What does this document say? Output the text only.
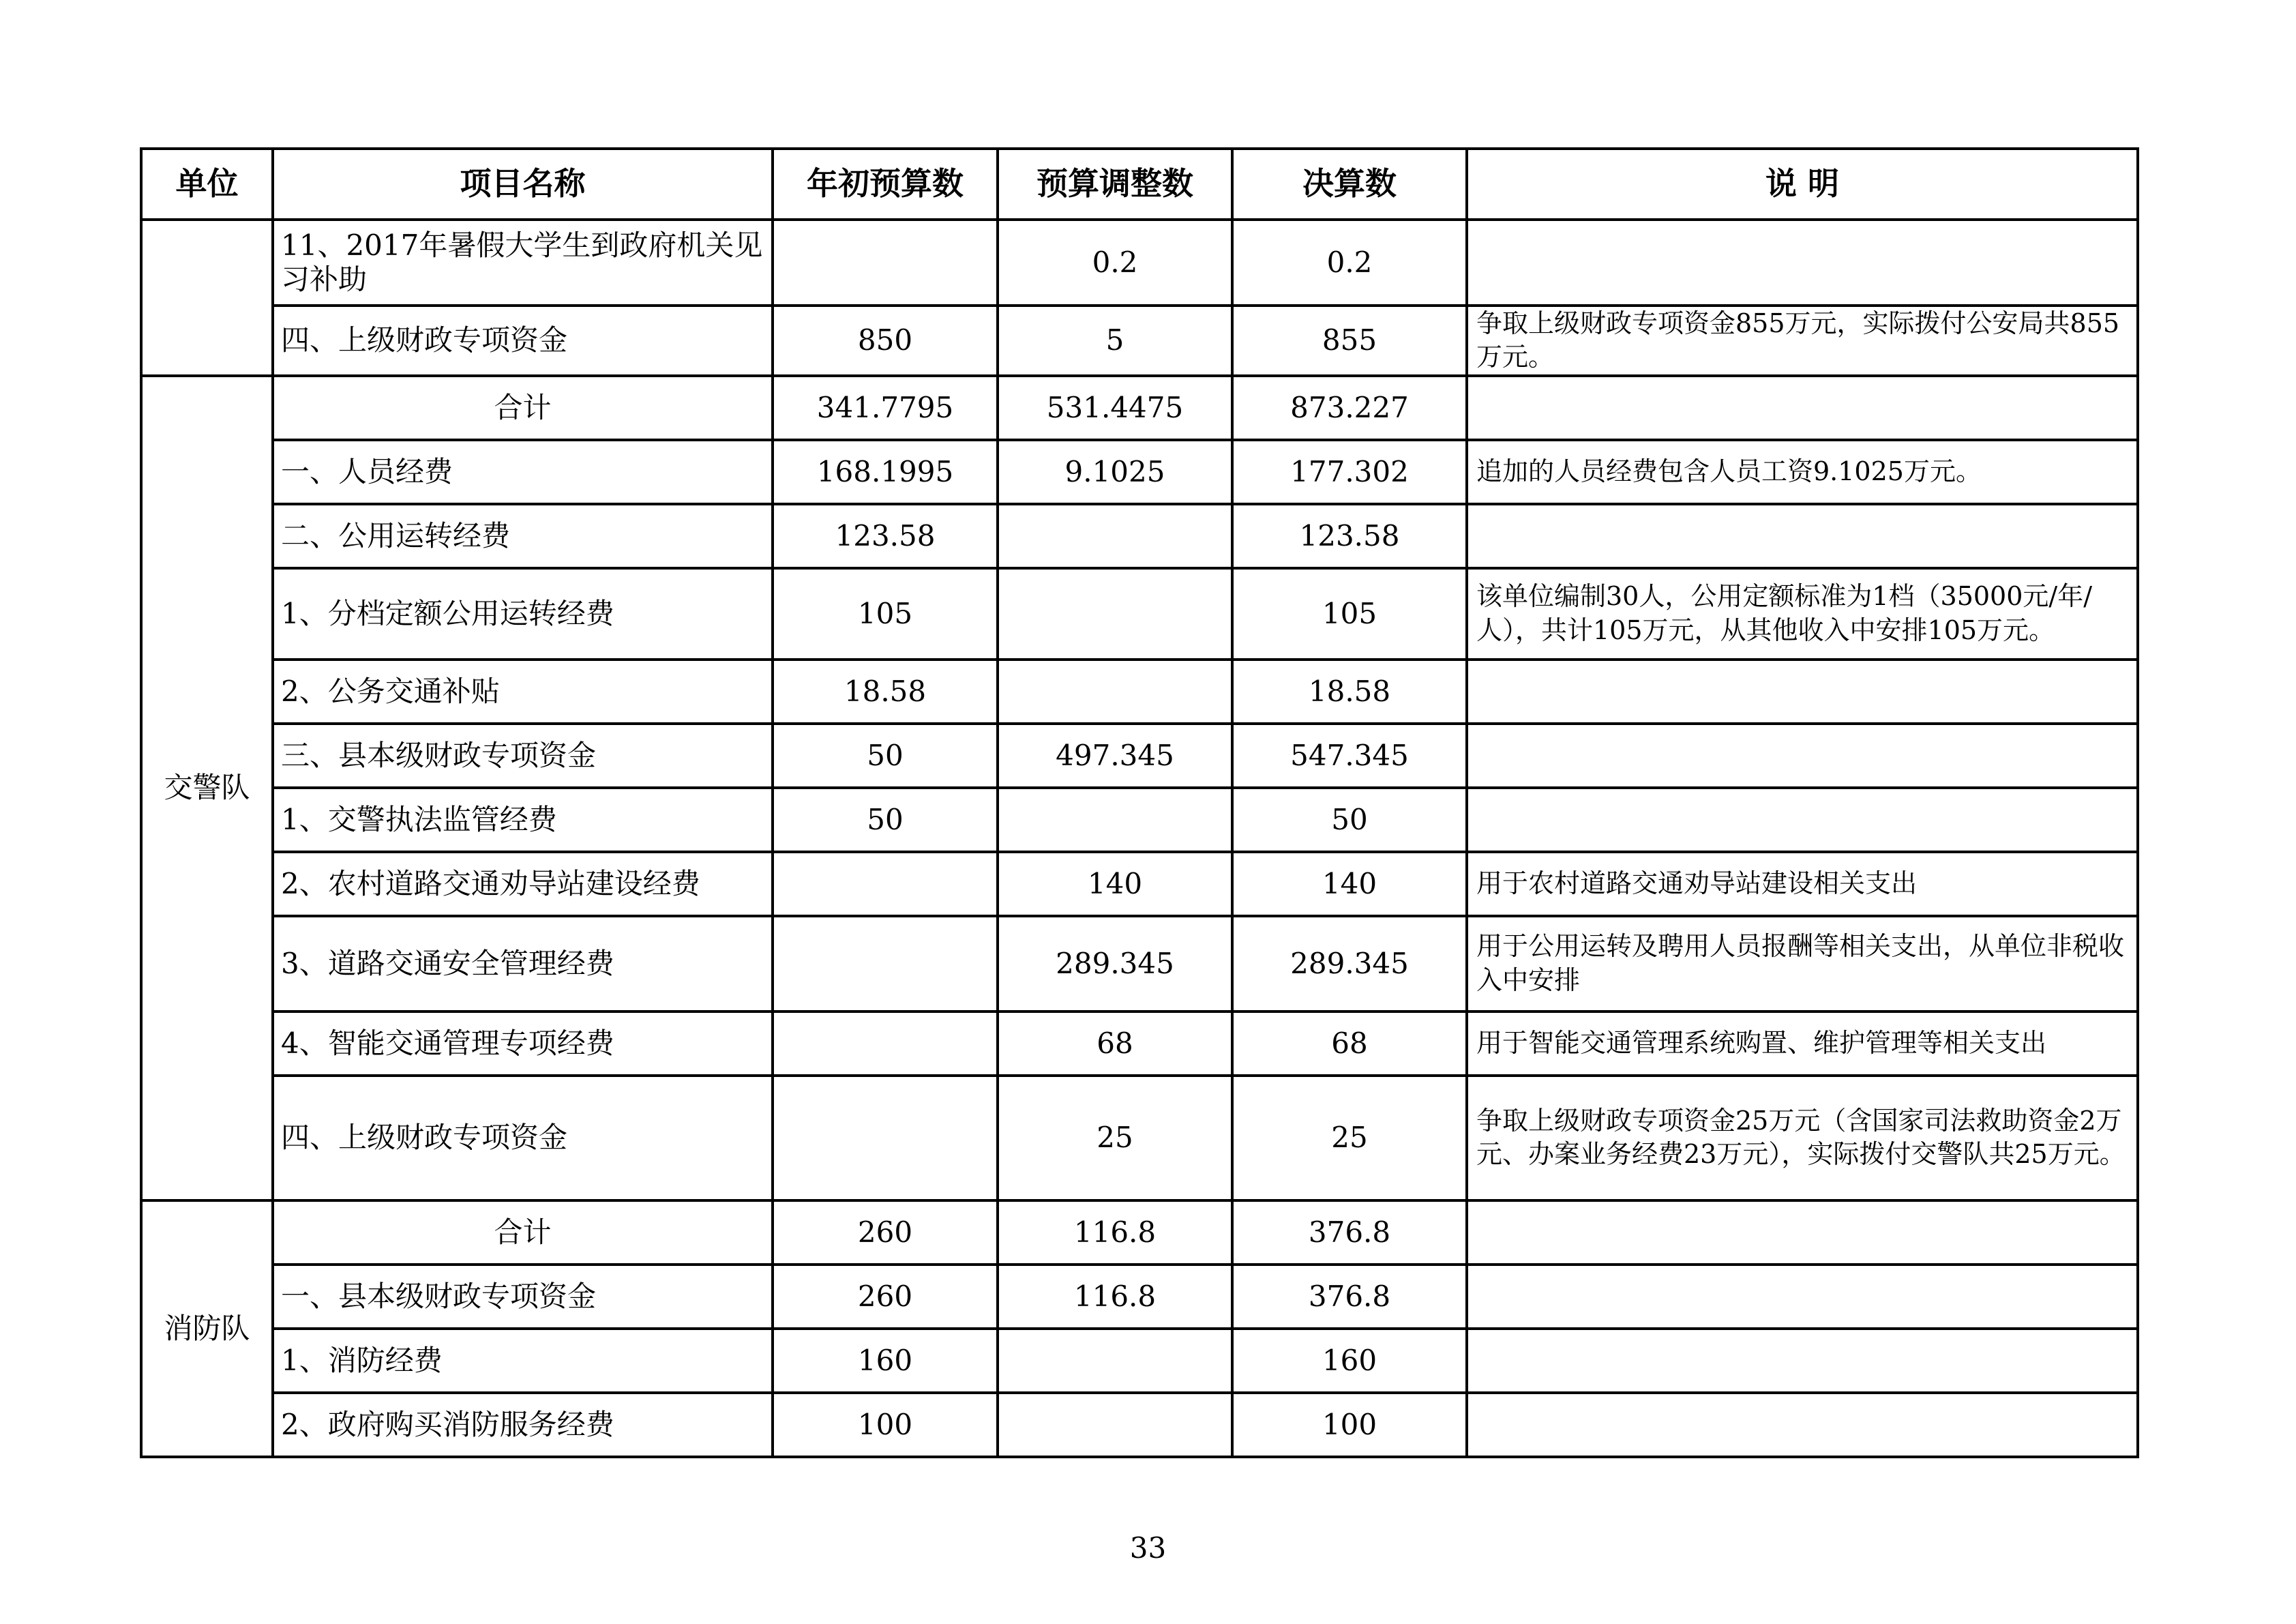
单位	项目名称	年初预算数	预算调整数	决算数	说 明
	11、2017年暑假大学生到政府机关见习补助		0.2	0.2	
	四、上级财政专项资金	850	5	855	争取上级财政专项资金855万元，实际拨付公安局共855万元。
交警队	合计	341.7795	531.4475	873.227	
	一、人员经费	168.1995	9.1025	177.302	追加的人员经费包含人员工资9.1025万元。
	二、公用运转经费	123.58		123.58	
	1、分档定额公用运转经费	105		105	该单位编制30人，公用定额标准为1档（35000元/年/人），共计105万元，从其他收入中安排105万元。
	2、公务交通补贴	18.58		18.58	
	三、县本级财政专项资金	50	497.345	547.345	
	1、交警执法监管经费	50		50	
	2、农村道路交通劝导站建设经费		140	140	用于农村道路交通劝导站建设相关支出
	3、道路交通安全管理经费		289.345	289.345	用于公用运转及聘用人员报酬等相关支出，从单位非税收入中安排
	4、智能交通管理专项经费		68	68	用于智能交通管理系统购置、维护管理等相关支出
	四、上级财政专项资金		25	25	争取上级财政专项资金25万元（含国家司法救助资金2万元、办案业务经费23万元），实际拨付交警队共25万元。
消防队	合计	260	116.8	376.8	
	一、县本级财政专项资金	260	116.8	376.8	
	1、消防经费	160		160	
	2、政府购买消防服务经费	100		100	
33
